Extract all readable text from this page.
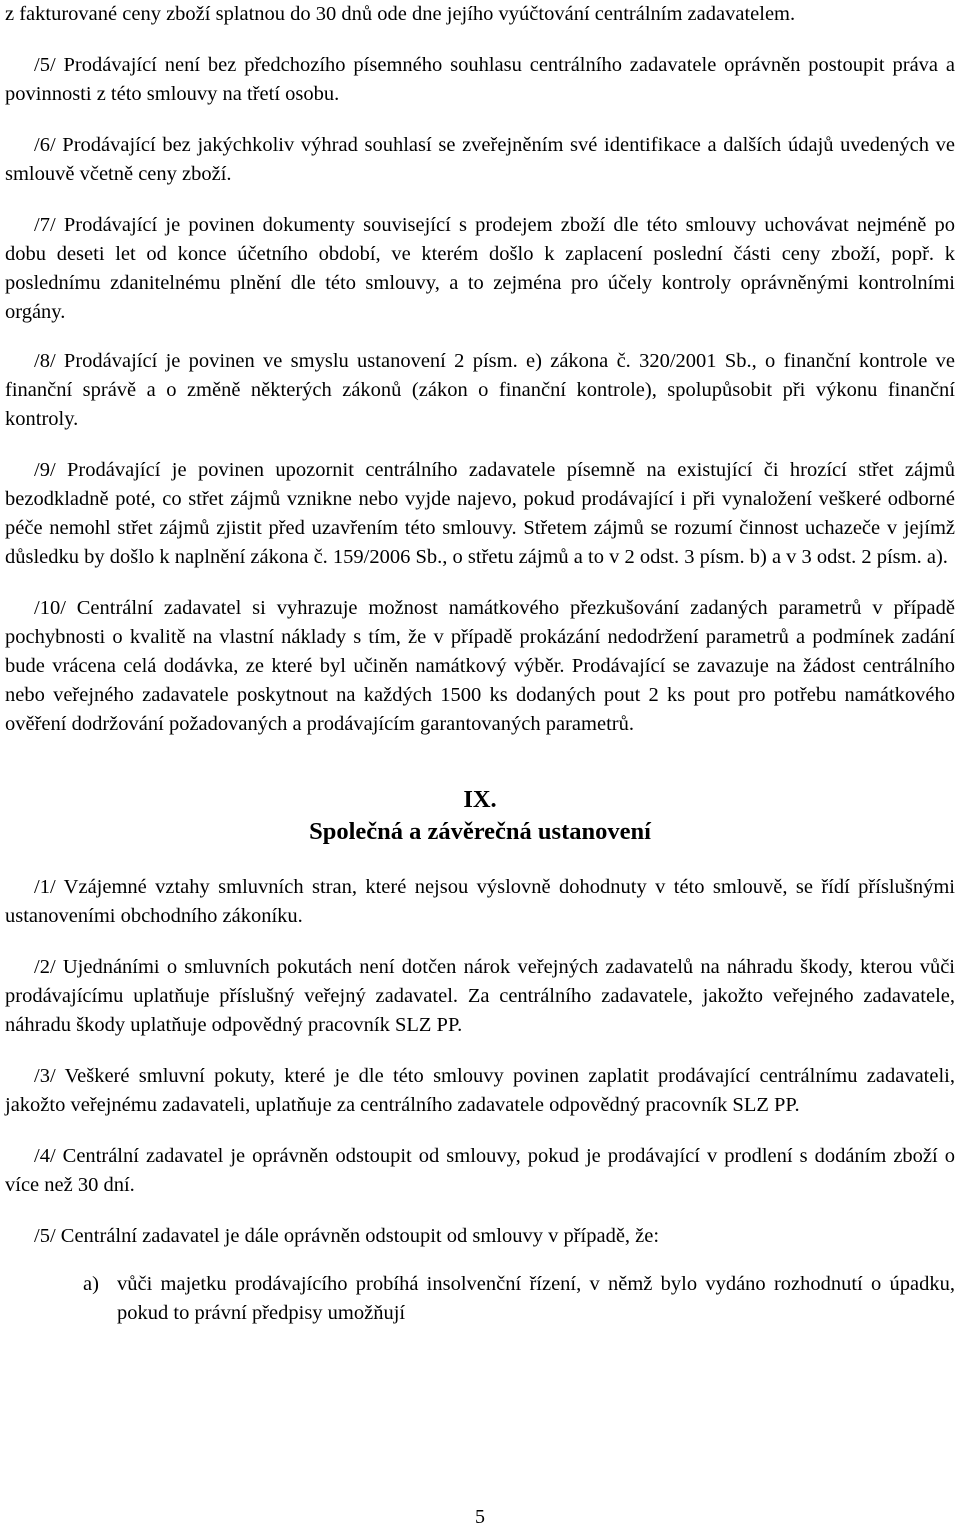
z fakturované ceny zboží splatnou do 30 dnů ode dne jejího vyúčtování centrálním zadavatelem.

/5/ Prodávající není bez předchozího písemného souhlasu centrálního zadavatele oprávněn postoupit práva a povinnosti z této smlouvy na třetí osobu.

/6/ Prodávající bez jakýchkoliv výhrad souhlasí se zveřejněním své identifikace a dalších údajů uvedených ve smlouvě včetně ceny zboží.

/7/ Prodávající je povinen dokumenty související s prodejem zboží dle této smlouvy uchovávat nejméně po dobu deseti let od konce účetního období, ve kterém došlo k zaplacení poslední části ceny zboží, popř. k poslednímu zdanitelnému plnění dle této smlouvy, a to zejména pro účely kontroly oprávněnými kontrolními orgány.

/8/ Prodávající je povinen ve smyslu ustanovení 2 písm. e) zákona č. 320/2001 Sb., o finanční kontrole ve finanční správě a o změně některých zákonů (zákon o finanční kontrole), spolupůsobit při výkonu finanční kontroly.

/9/ Prodávající je povinen upozornit centrálního zadavatele písemně na existující či hrozící střet zájmů bezodkladně poté, co střet zájmů vznikne nebo vyjde najevo, pokud prodávající i při vynaložení veškeré odborné péče nemohl střet zájmů zjistit před uzavřením této smlouvy. Střetem zájmů se rozumí činnost uchazeče v jejímž důsledku by došlo k naplnění zákona č. 159/2006 Sb., o střetu zájmů a to v 2 odst. 3 písm. b) a v 3 odst. 2 písm. a).

/10/ Centrální zadavatel si vyhrazuje možnost namátkového přezkušování zadaných parametrů v případě pochybnosti o kvalitě na vlastní náklady s tím, že v případě prokázání nedodržení parametrů a podmínek zadání bude vrácena celá dodávka, ze které byl učiněn namátkový výběr. Prodávající se zavazuje na žádost centrálního nebo veřejného zadavatele poskytnout na každých 1500 ks dodaných pout 2 ks pout pro potřebu namátkového ověření dodržování požadovaných a prodávajícím garantovaných parametrů.

IX.
Společná a závěrečná ustanovení

/1/ Vzájemné vztahy smluvních stran, které nejsou výslovně dohodnuty v této smlouvě, se řídí příslušnými ustanoveními obchodního zákoníku.

/2/ Ujednáními o smluvních pokutách není dotčen nárok veřejných zadavatelů na náhradu škody, kterou vůči prodávajícímu uplatňuje příslušný veřejný zadavatel. Za centrálního zadavatele, jakožto veřejného zadavatele, náhradu škody uplatňuje odpovědný pracovník SLZ PP.

/3/ Veškeré smluvní pokuty, které je dle této smlouvy povinen zaplatit prodávající centrálnímu zadavateli, jakožto veřejnému zadavateli, uplatňuje za centrálního zadavatele odpovědný pracovník SLZ PP.

/4/ Centrální zadavatel je oprávněn odstoupit od smlouvy, pokud je prodávající v prodlení s dodáním zboží o více než 30 dní.

/5/ Centrální zadavatel je dále oprávněn odstoupit od smlouvy v případě, že:

a) vůči majetku prodávajícího probíhá insolvenční řízení, v němž bylo vydáno rozhodnutí o úpadku, pokud to právní předpisy umožňují

5
